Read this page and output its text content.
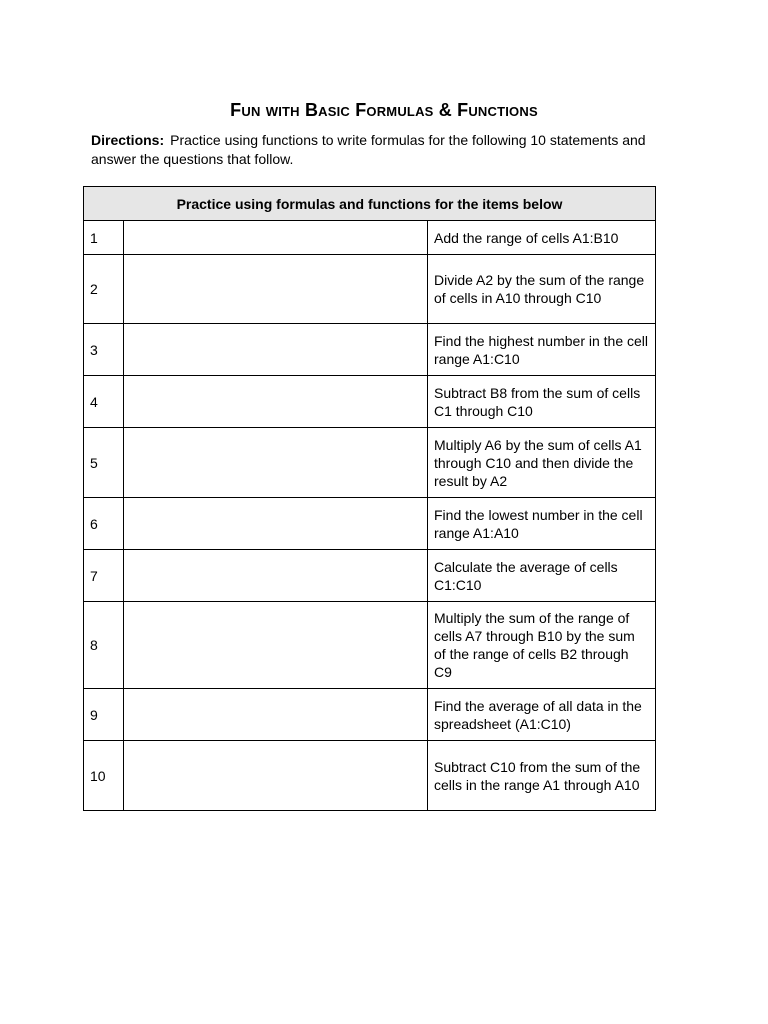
Fun with Basic Formulas & Functions
Directions: Practice using functions to write formulas for the following 10 statements and answer the questions that follow.
Practice using formulas and functions for the items below		
1		Add the range of cells A1:B10
2		Divide A2 by the sum of the range of cells in A10 through C10
3		Find the highest number in the cell range A1:C10
4		Subtract B8 from the sum of cells C1 through C10
5		Multiply A6 by the sum of cells A1 through C10 and then divide the result by A2
6		Find the lowest number in the cell range A1:A10
7		Calculate the average of cells C1:C10
8		Multiply the sum of the range of cells A7 through B10 by the sum of the range of cells B2 through C9
9		Find the average of all data in the spreadsheet (A1:C10)
10		Subtract C10 from the sum of the cells in the range A1 through A10
